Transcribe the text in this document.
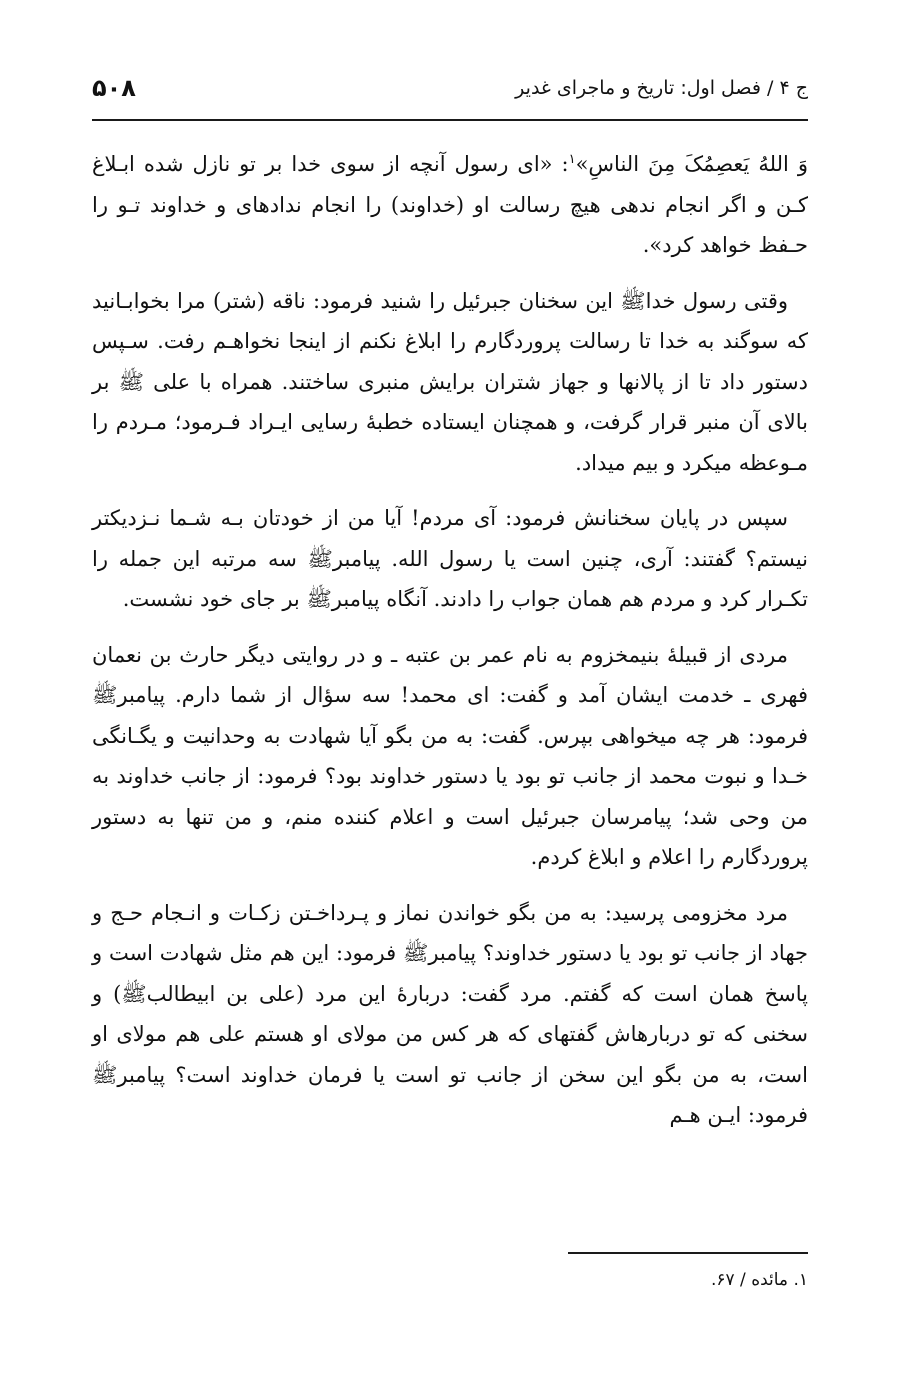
ج ۴ / فصل اول: تاریخ و ماجرای غدیر
۵۰۸

وَ اللهُ يَعصِمُکَ مِنَ الناسِ»$^۱$: «ای رسول آنچه از سوی خدا بر تو نازل شده ابـلاغ کـن و اگر انجام ندهی هیچ رسالت او (خداوند) را انجام ندادهای و خداوند تـو را حـفظ خواهد کرد».

وقتی رسول خداﷺ این سخنان جبرئیل را شنید فرمود: ناقه (شتر) مرا بخوابـانید که سوگند به خدا تا رسالت پروردگارم را ابلاغ نکنم از اینجا نخواهـم رفت. سـپس دستور داد تا از پالانها و جهاز شتران برایش منبری ساختند. همراه با علی ﷺ بر بالای آن منبر قرار گرفت، و همچنان ایستاده خطبهٔ رسایی ایـراد فـرمود؛ مـردم را مـوعظه میکرد و بیم میداد.

سپس در پایان سخنانش فرمود: آی مردم! آیا من از خودتان بـه شـما نـزدیکتر نیستم؟ گفتند: آری، چنین است یا رسول الله. پیامبرﷺ سه مرتبه این جمله را تکـرار کرد و مردم هم همان جواب را دادند. آنگاه پیامبرﷺ بر جای خود نشست.

مردی از قبیلهٔ بنیمخزوم به نام عمر بن عتبه ـ و در روایتی دیگر حارث بن نعمان فهری ـ خدمت ایشان آمد و گفت: ای محمد! سه سؤال از شما دارم. پیامبرﷺ فرمود: هر چه میخواهی بپرس. گفت: به من بگو آیا شهادت به وحدانیت و یگـانگی خـدا و نبوت محمد از جانب تو بود یا دستور خداوند بود؟ فرمود: از جانب خداوند به من وحی شد؛ پیامرسان جبرئیل است و اعلام کننده منم، و من تنها به دستور پروردگارم را اعلام و ابلاغ کردم.

مرد مخزومی پرسید: به من بگو خواندن نماز و پـرداخـتن زکـات و انـجام حـج و جهاد از جانب تو بود یا دستور خداوند؟ پیامبرﷺ فرمود: این هم مثل شهادت است و پاسخ همان است که گفتم. مرد گفت: دربارهٔ این مرد (علی بن ابیطالبﷺ) و سخنی که تو دربارهاش گفتهای که هر کس من مولای او هستم علی هم مولای او است، به من بگو این سخن از جانب تو است یا فرمان خداوند است؟ پیامبرﷺ فرمود: ایـن هـم

۱. مائده / ۶۷.
